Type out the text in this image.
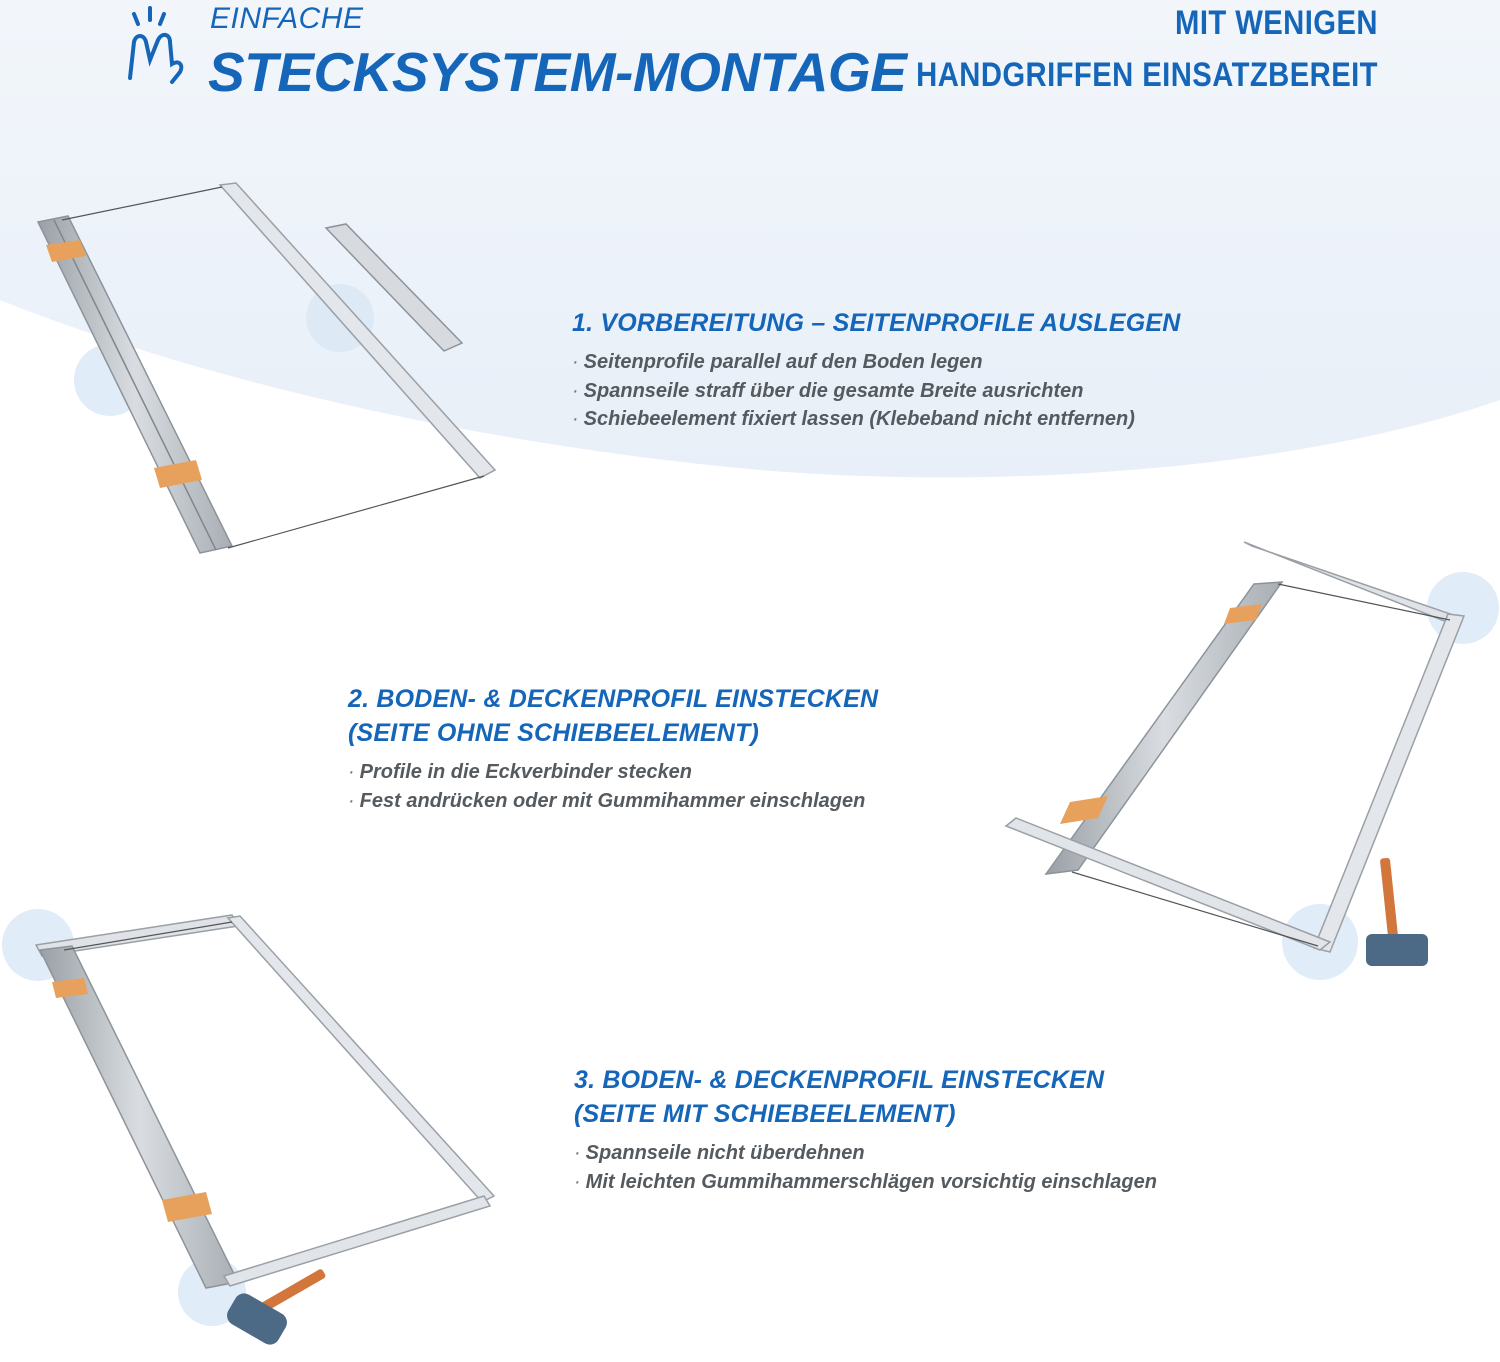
EINFACHE
STECKSYSTEM-MONTAGE
MIT WENIGEN
HANDGRIFFEN EINSATZBEREIT
1. VORBEREITUNG – SEITENPROFILE AUSLEGEN
· Seitenprofile parallel auf den Boden legen
· Spannseile straff über die gesamte Breite ausrichten
· Schiebeelement fixiert lassen (Klebeband nicht entfernen)
2. BODEN- & DECKENPROFIL EINSTECKEN
(SEITE OHNE SCHIEBEELEMENT)
· Profile in die Eckverbinder stecken
· Fest andrücken oder mit Gummihammer einschlagen
3. BODEN- & DECKENPROFIL EINSTECKEN
(SEITE MIT SCHIEBEELEMENT)
· Spannseile nicht überdehnen
· Mit leichten Gummihammerschlägen vorsichtig einschlagen
